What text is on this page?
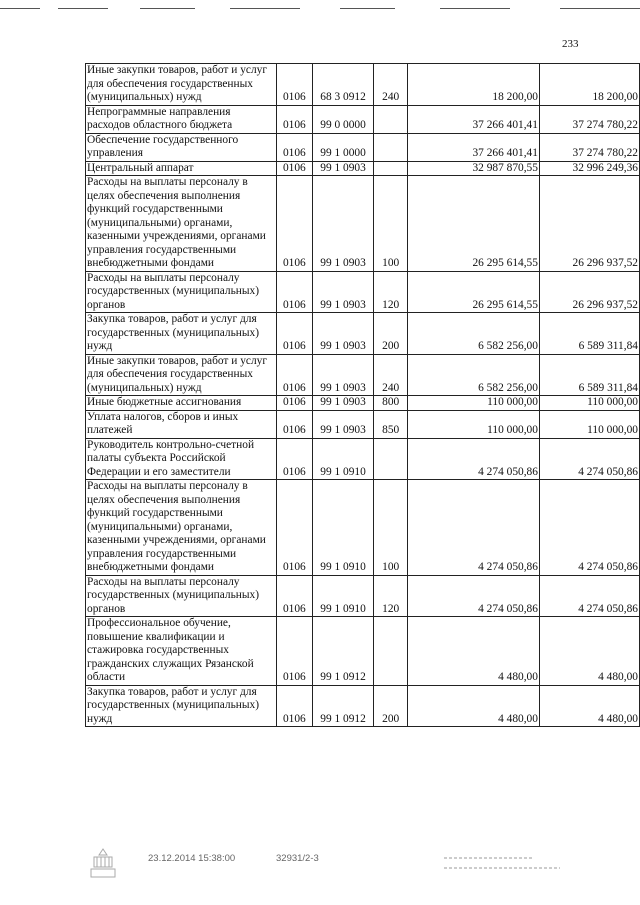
233
Иные закупки товаров, работ и услуг для обеспечения государственных (муниципальных) нужд	0106	68 3 0912	240	18 200,00	18 200,00
Непрограммные направления расходов областного бюджета	0106	99 0 0000		37 266 401,41	37 274 780,22
Обеспечение государственного управления	0106	99 1 0000		37 266 401,41	37 274 780,22
Центральный аппарат	0106	99 1 0903		32 987 870,55	32 996 249,36
Расходы на выплаты персоналу в целях обеспечения выполнения функций государственными (муниципальными) органами, казенными учреждениями, органами управления государственными внебюджетными фондами	0106	99 1 0903	100	26 295 614,55	26 296 937,52
Расходы на выплаты персоналу государственных (муниципальных) органов	0106	99 1 0903	120	26 295 614,55	26 296 937,52
Закупка товаров, работ и услуг для государственных (муниципальных) нужд	0106	99 1 0903	200	6 582 256,00	6 589 311,84
Иные закупки товаров, работ и услуг для обеспечения государственных (муниципальных) нужд	0106	99 1 0903	240	6 582 256,00	6 589 311,84
Иные бюджетные ассигнования	0106	99 1 0903	800	110 000,00	110 000,00
Уплата налогов, сборов и иных платежей	0106	99 1 0903	850	110 000,00	110 000,00
Руководитель контрольно-счетной палаты субъекта Российской Федерации и его заместители	0106	99 1 0910		4 274 050,86	4 274 050,86
Расходы на выплаты персоналу в целях обеспечения выполнения функций государственными (муниципальными) органами, казенными учреждениями, органами управления государственными внебюджетными фондами	0106	99 1 0910	100	4 274 050,86	4 274 050,86
Расходы на выплаты персоналу государственных (муниципальных) органов	0106	99 1 0910	120	4 274 050,86	4 274 050,86
Профессиональное обучение, повышение квалификации и стажировка государственных гражданских служащих Рязанской области	0106	99 1 0912		4 480,00	4 480,00
Закупка товаров, работ и услуг для государственных (муниципальных) нужд	0106	99 1 0912	200	4 480,00	4 480,00
23.12.2014 15:38:00	32931/2-3
